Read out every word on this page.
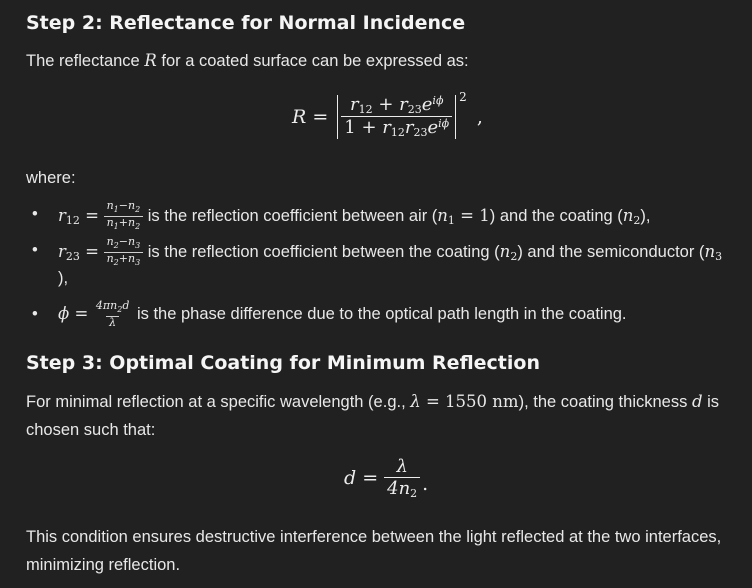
Step 2: Reflectance for Normal Incidence

The reflectance R for a coated surface can be expressed as:

$R = \frac{r_{12} + r_{23}e^{i\phi}}{1 + r_{12}r_{23}e^{i\phi}} 2$
,

where:

• $r_{12} = \frac{n_1-n_2}{n_1+n_2}$ is the reflection coefficient between air $(n_1 = 1)$ and the coating $(n_2)$,
• $r_{23} = \frac{n_2-n_3}{n_2+n_3}$ is the reflection coefficient between the coating $(n_2)$ and the semiconductor ($n_3$
),
• $\phi = \frac{4\pi n_2d}{\lambda}$ is the phase difference due to the optical path length in the coating.
Step 3: Optimal Coating for Minimum Reflection

For minimal reflection at a specific wavelength (e.g., λ = 1550 nm), the coating thickness d is
chosen such that:

$d = \frac{\lambda}{4n_2}$ .

This condition ensures destructive interference between the light reflected at the two interfaces,
minimizing reflection.
